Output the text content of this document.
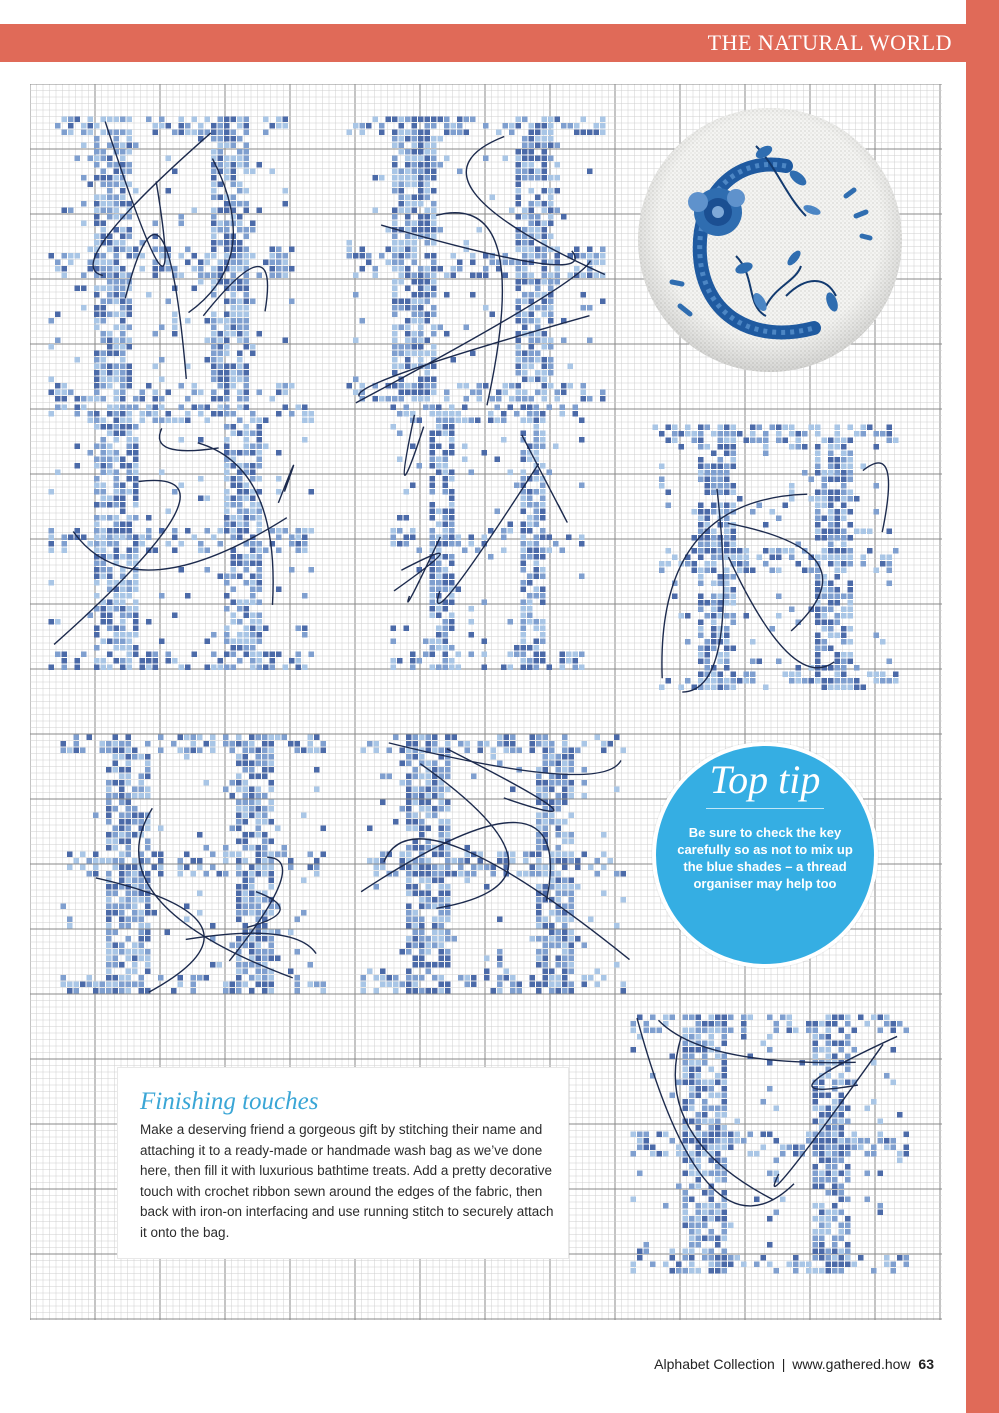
THE NATURAL WORLD
Top tip
Be sure to check the key carefully so as not to mix up the blue shades – a thread organiser may help too
Finishing touches
Make a deserving friend a gorgeous gift by stitching their name and attaching it to a ready-made or handmade wash bag as we’ve done here, then fill it with luxurious bathtime treats. Add a pretty decorative touch with crochet ribbon sewn around the edges of the fabric, then back with iron-on interfacing and use running stitch to securely attach it onto the bag.
Alphabet Collection | www.gathered.how 63
